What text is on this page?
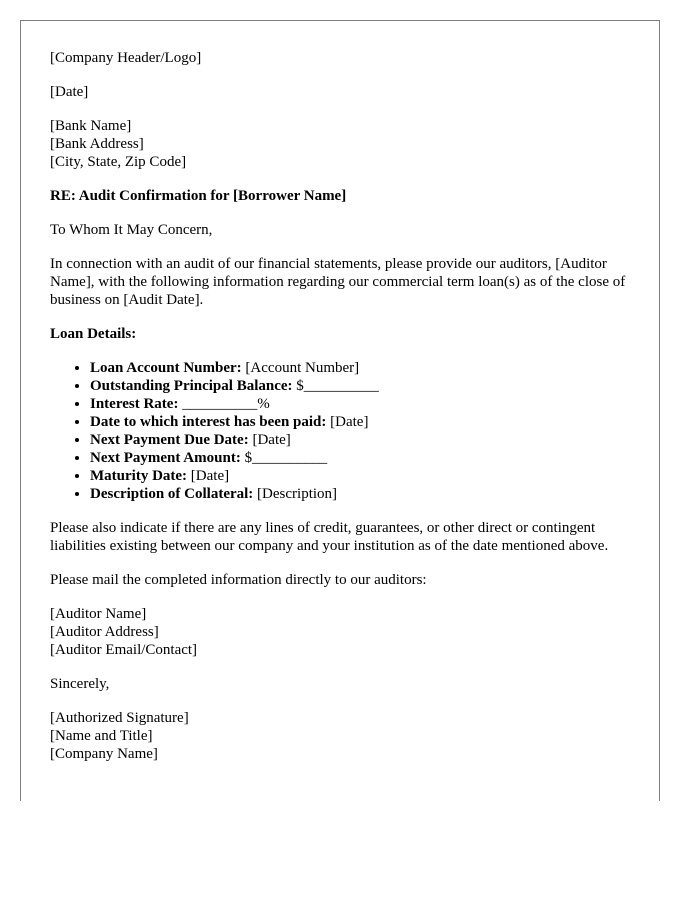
[Company Header/Logo]

[Date]

[Bank Name]
[Bank Address]
[City, State, Zip Code]

RE: Audit Confirmation for [Borrower Name]

To Whom It May Concern,

In connection with an audit of our financial statements, please provide our auditors, [Auditor Name], with the following information regarding our commercial term loan(s) as of the close of business on [Audit Date].

Loan Details:

• Loan Account Number: [Account Number]
• Outstanding Principal Balance: $__________
• Interest Rate: __________%
• Date to which interest has been paid: [Date]
• Next Payment Due Date: [Date]
• Next Payment Amount: $__________
• Maturity Date: [Date]
• Description of Collateral: [Description]

Please also indicate if there are any lines of credit, guarantees, or other direct or contingent liabilities existing between our company and your institution as of the date mentioned above.

Please mail the completed information directly to our auditors:

[Auditor Name]
[Auditor Address]
[Auditor Email/Contact]

Sincerely,

[Authorized Signature]
[Name and Title]
[Company Name]
